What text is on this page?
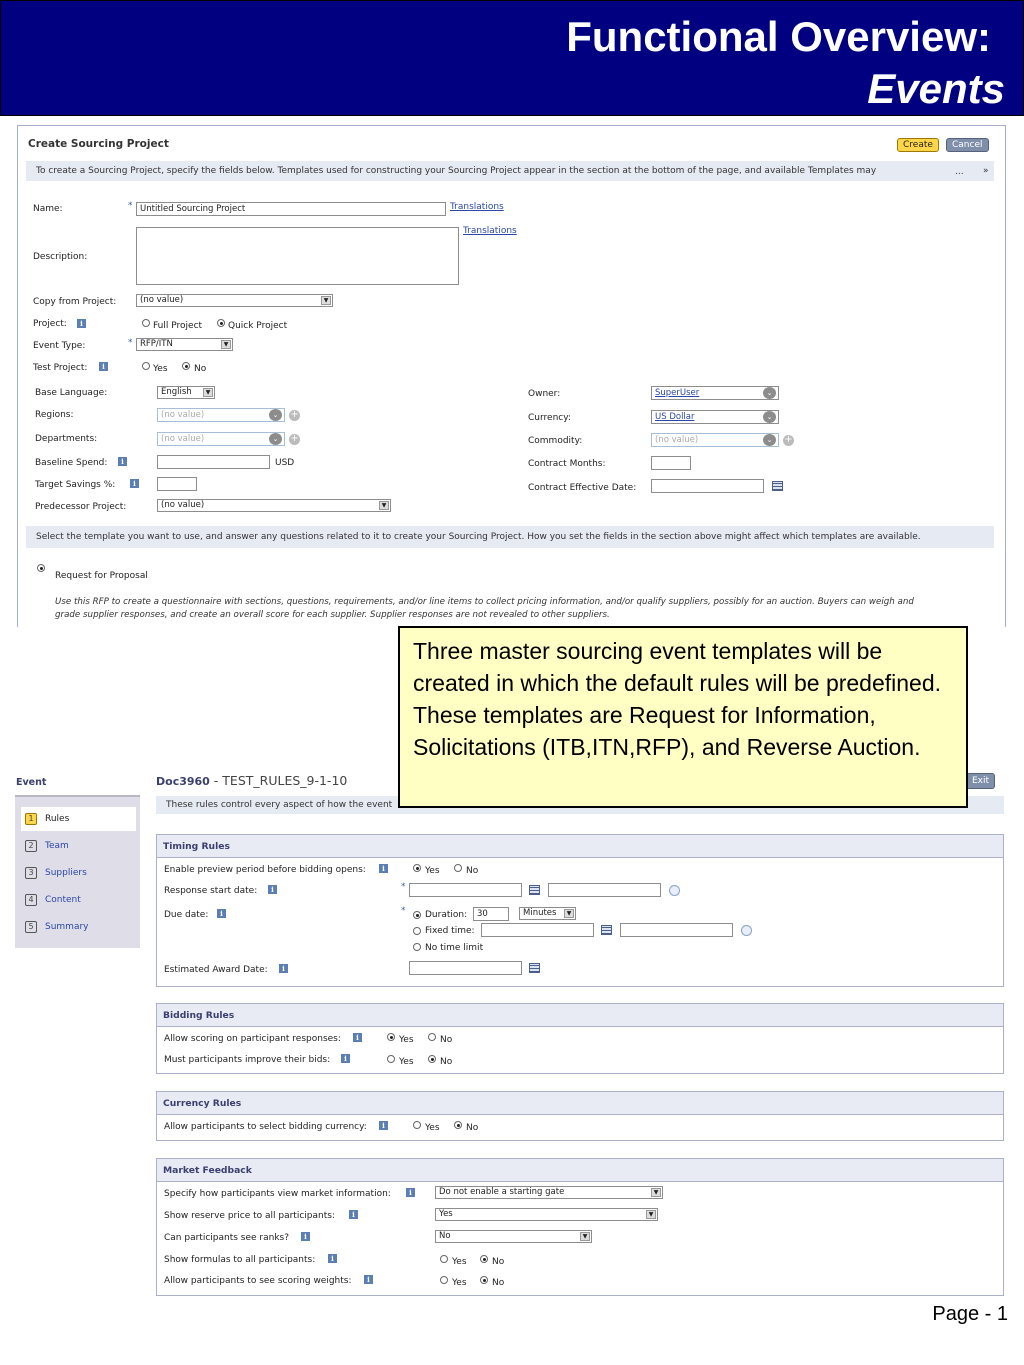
Functional Overview:
Events
Create Sourcing Project	Create	Cancel
To create a Sourcing Project, specify the fields below. Templates used for constructing your Sourcing Project appear in the section at the bottom of the page, and available Templates may	... »
Name:	* Untitled Sourcing Project	Translations
Description:
Translations
Copy from Project:	(no value)	▼
Project:	i	Full Project	Quick Project
Event Type:	* RFP/ITN	▼
Test Project:	i	Yes	No
Base Language:	English	▼
Regions:	(no value)	⌄	+
Departments:	(no value)	⌄	+
Baseline Spend:	i	USD
Target Savings %:	i
Predecessor Project:	(no value)	▼
Owner:	SuperUser	⌄
Currency:	US Dollar	⌄
Commodity:	(no value)	⌄	+
Contract Months:
Contract Effective Date:
Select the template you want to use, and answer any questions related to it to create your Sourcing Project. How you set the fields in the section above might affect which templates are available.
Request for Proposal
Use this RFP to create a questionnaire with sections, questions, requirements, and/or line items to collect pricing information, and/or qualify suppliers, possibly for an auction. Buyers can weigh and
grade supplier responses, and create an overall score for each supplier. Supplier responses are not revealed to other suppliers.
Event
1 Rules
2 Team
3 Suppliers
4 Content
5 Summary
Doc3960 - TEST_RULES_9-1-10	Exit
These rules control every aspect of how the event
Timing Rules
Enable preview period before bidding opens:	i	Yes	No
Response start date:	i	*
Due date:	i	* Duration:	30	Minutes	▼
Fixed time:
No time limit
Estimated Award Date:	i
Bidding Rules
Allow scoring on participant responses:	i	Yes	No
Must participants improve their bids:	i	Yes	No
Currency Rules
Allow participants to select bidding currency:	i	Yes	No
Market Feedback
Specify how participants view market information:	i	Do not enable a starting gate	▼
Show reserve price to all participants:	i	Yes	▼
Can participants see ranks?	i	No	▼
Show formulas to all participants:	i	Yes	No
Allow participants to see scoring weights:	i	Yes	No
Three master sourcing event templates will be created in which the default rules will be predefined. These templates are Request for Information, Solicitations (ITB,ITN,RFP), and Reverse Auction.
Page - 1
